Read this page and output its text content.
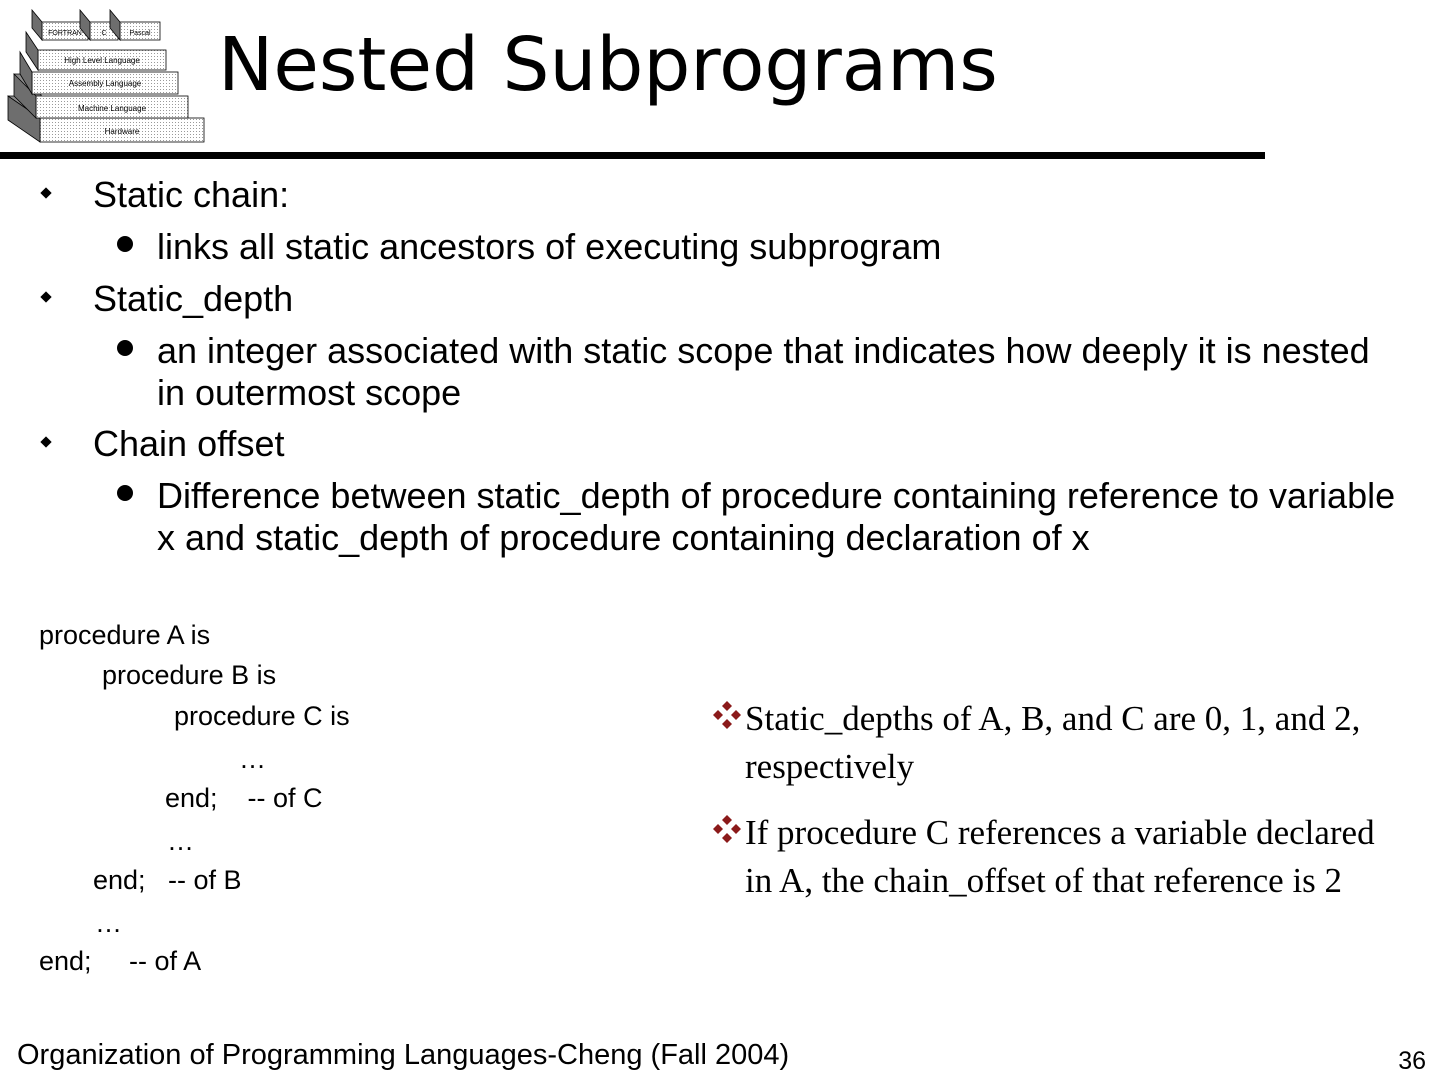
Hardware
Machine Language
Assembly Language
High Level Language
FORTRAN	C	Pascal Nested Subprograms
Static chain:
links all static ancestors of executing subprogram
Static_depth
an integer associated with static scope that indicates how deeply it is nested in outermost scope
Chain offset
Difference between static_depth of procedure containing reference to variable x and static_depth of procedure containing declaration of x
procedure A is
procedure B is
procedure C is
…
end;    -- of C
…
end;   -- of B
…
end;     -- of A
Static_depths of A, B, and C are 0, 1, and 2, respectively
If procedure C references a variable declared in A, the chain_offset of that reference is 2
Organization of Programming Languages-Cheng (Fall 2004)	36
